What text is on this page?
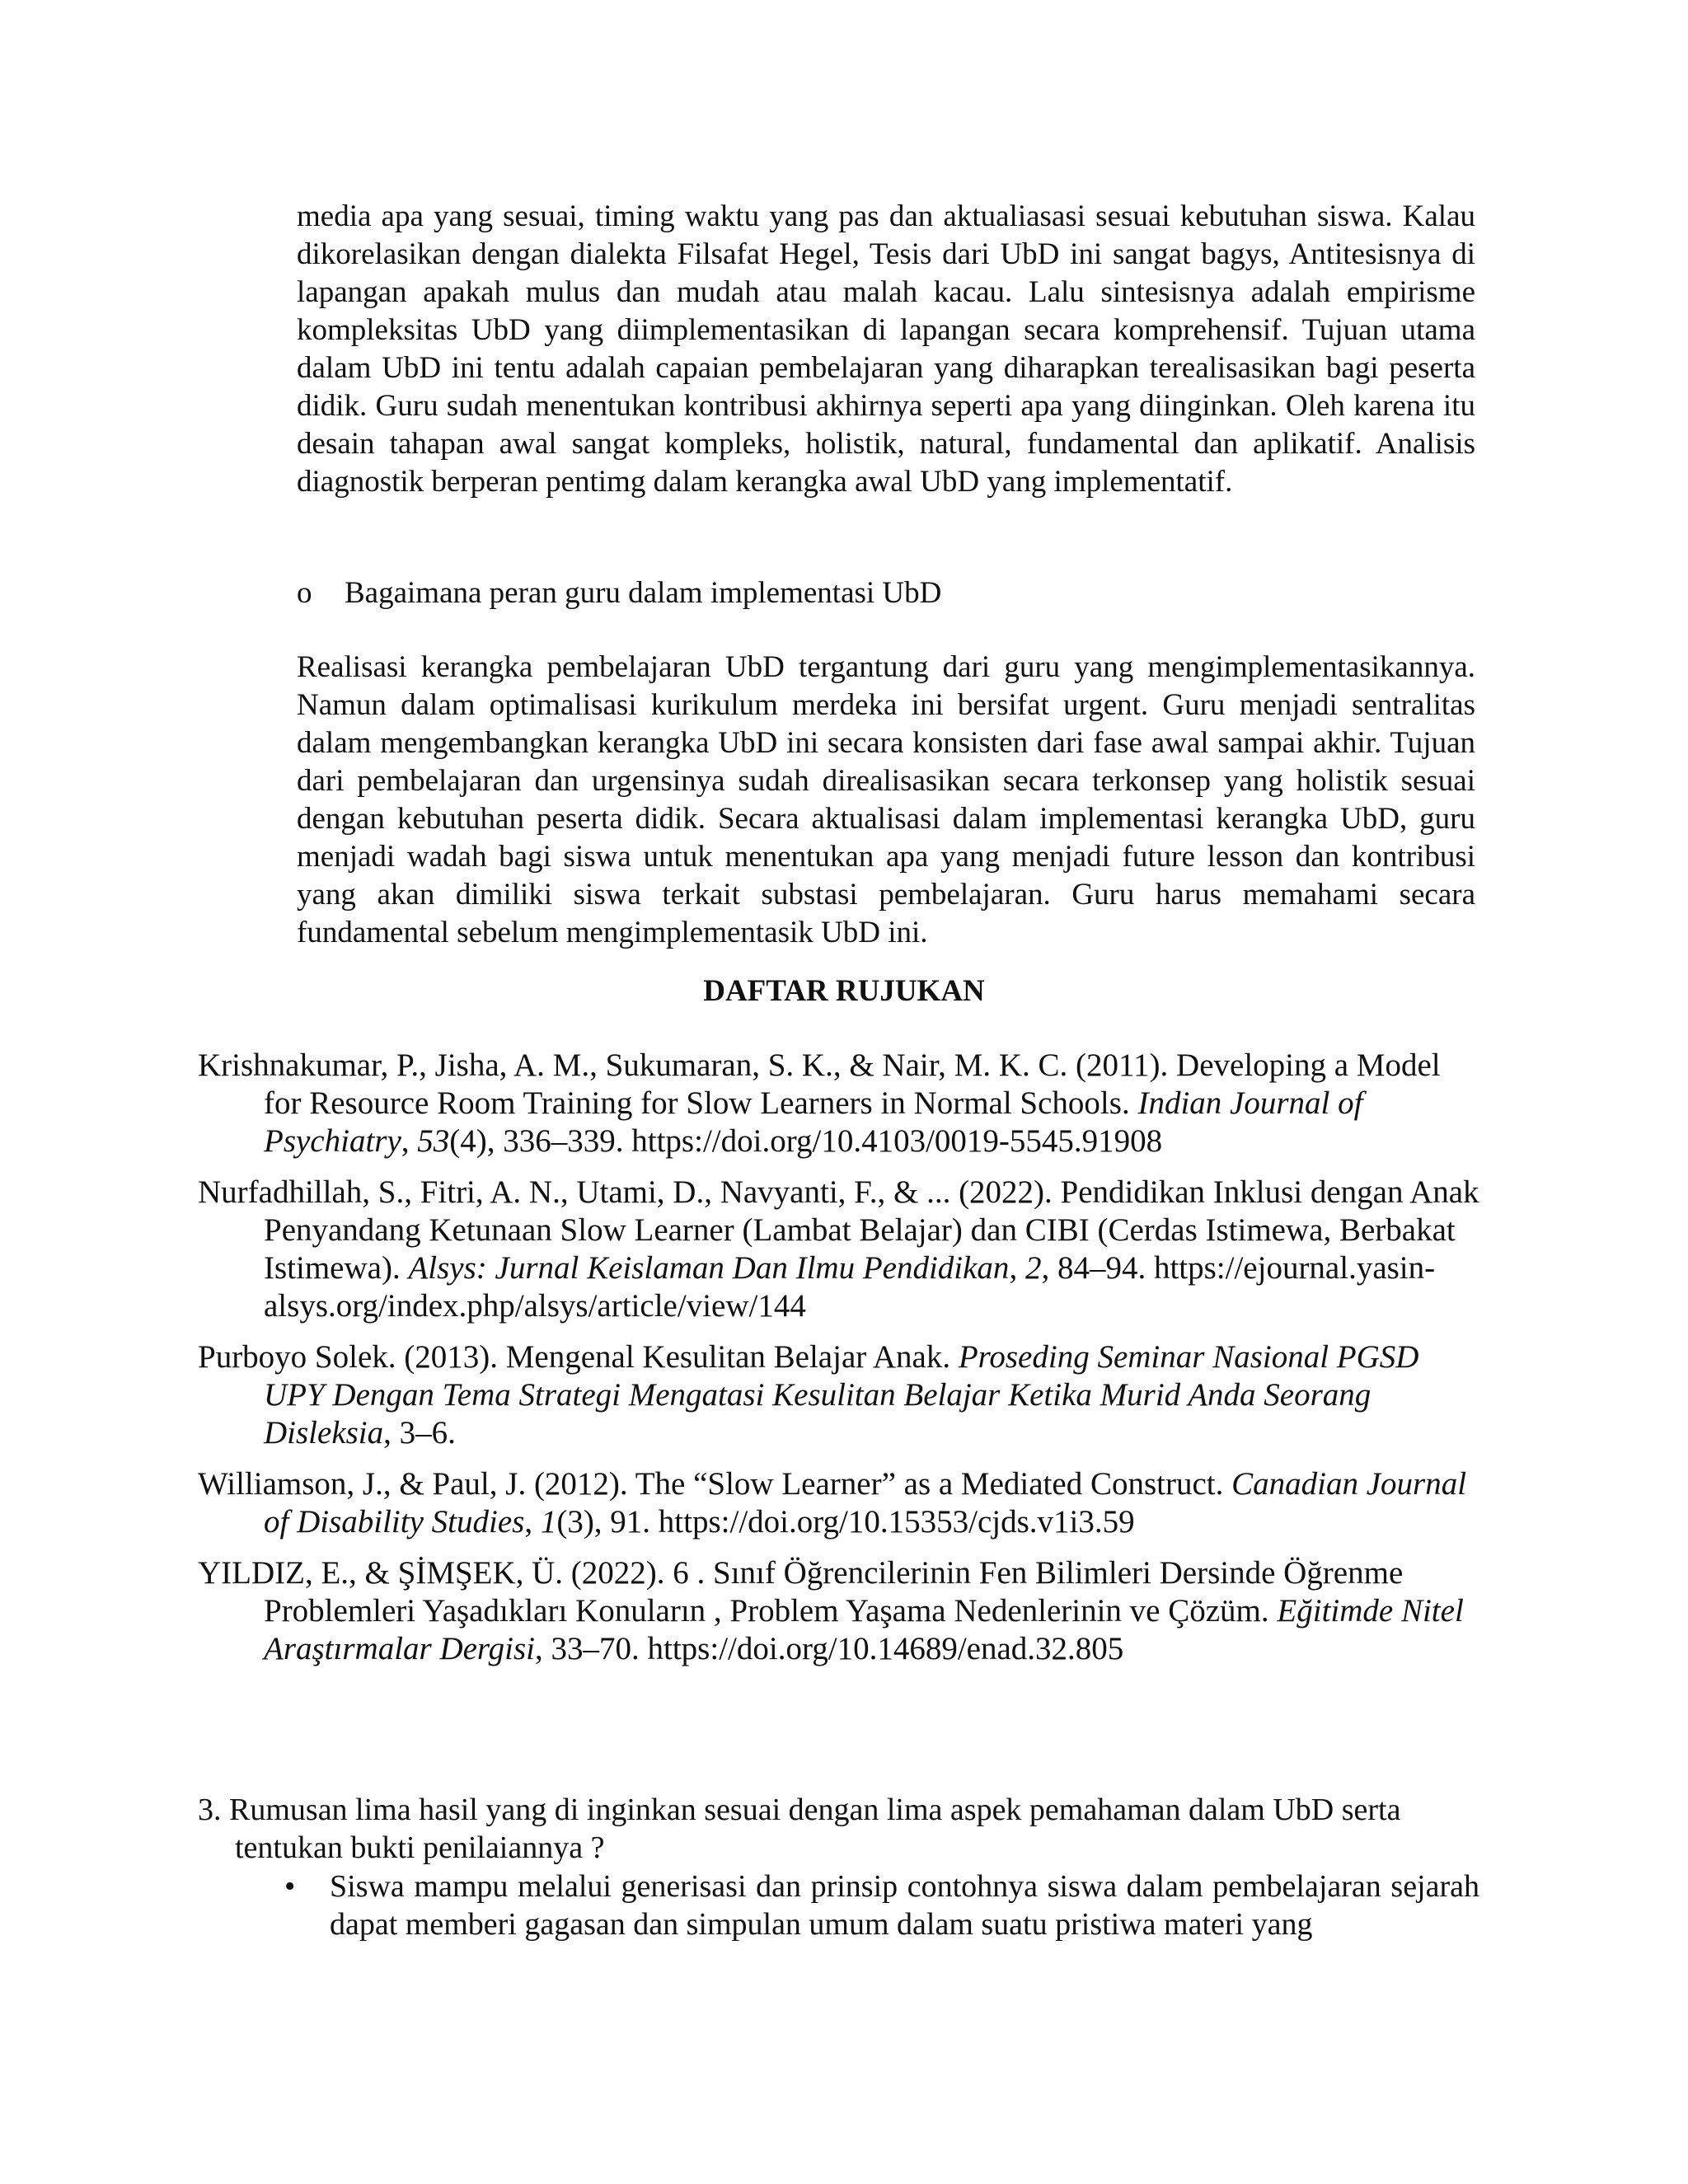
media apa yang sesuai, timing waktu yang pas dan aktualiasasi sesuai kebutuhan siswa. Kalau dikorelasikan dengan dialekta Filsafat Hegel, Tesis dari UbD ini sangat bagys, Antitesisnya di lapangan apakah mulus dan mudah atau malah kacau. Lalu sintesisnya adalah empirisme kompleksitas UbD yang diimplementasikan di lapangan secara komprehensif. Tujuan utama dalam UbD ini tentu adalah capaian pembelajaran yang diharapkan terealisasikan bagi peserta didik. Guru sudah menentukan kontribusi akhirnya seperti apa yang diinginkan. Oleh karena itu desain tahapan awal sangat kompleks, holistik, natural, fundamental dan aplikatif. Analisis diagnostik berperan pentimg dalam kerangka awal UbD yang implementatif.

o Bagaimana peran guru dalam implementasi UbD

Realisasi kerangka pembelajaran UbD tergantung dari guru yang mengimplementasikannya. Namun dalam optimalisasi kurikulum merdeka ini bersifat urgent. Guru menjadi sentralitas dalam mengembangkan kerangka UbD ini secara konsisten dari fase awal sampai akhir. Tujuan dari pembelajaran dan urgensinya sudah direalisasikan secara terkonsep yang holistik sesuai dengan kebutuhan peserta didik. Secara aktualisasi dalam implementasi kerangka UbD, guru menjadi wadah bagi siswa untuk menentukan apa yang menjadi future lesson dan kontribusi yang akan dimiliki siswa terkait substasi pembelajaran. Guru harus memahami secara fundamental sebelum mengimplementasik UbD ini.

DAFTAR RUJUKAN

Krishnakumar, P., Jisha, A. M., Sukumaran, S. K., & Nair, M. K. C. (2011). Developing a Model for Resource Room Training for Slow Learners in Normal Schools. Indian Journal of Psychiatry, 53(4), 336–339. https://doi.org/10.4103/0019-5545.91908

Nurfadhillah, S., Fitri, A. N., Utami, D., Navyanti, F., & ... (2022). Pendidikan Inklusi dengan Anak Penyandang Ketunaan Slow Learner (Lambat Belajar) dan CIBI (Cerdas Istimewa, Berbakat Istimewa). Alsys: Jurnal Keislaman Dan Ilmu Pendidikan, 2, 84–94. https://ejournal.yasin-alsys.org/index.php/alsys/article/view/144

Purboyo Solek. (2013). Mengenal Kesulitan Belajar Anak. Proseding Seminar Nasional PGSD UPY Dengan Tema Strategi Mengatasi Kesulitan Belajar Ketika Murid Anda Seorang Disleksia, 3–6.

Williamson, J., & Paul, J. (2012). The “Slow Learner” as a Mediated Construct. Canadian Journal of Disability Studies, 1(3), 91. https://doi.org/10.15353/cjds.v1i3.59

YILDIZ, E., & ŞİMŞEK, Ü. (2022). 6 . Sınıf Öğrencilerinin Fen Bilimleri Dersinde Öğrenme Problemleri Yaşadıkları Konuların , Problem Yaşama Nedenlerinin ve Çözüm. Eğitimde Nitel Araştırmalar Dergisi, 33–70. https://doi.org/10.14689/enad.32.805

3. Rumusan lima hasil yang di inginkan sesuai dengan lima aspek pemahaman dalam UbD serta tentukan bukti penilaiannya ?

• Siswa mampu melalui generisasi dan prinsip contohnya siswa dalam pembelajaran sejarah dapat memberi gagasan dan simpulan umum dalam suatu pristiwa materi yang
